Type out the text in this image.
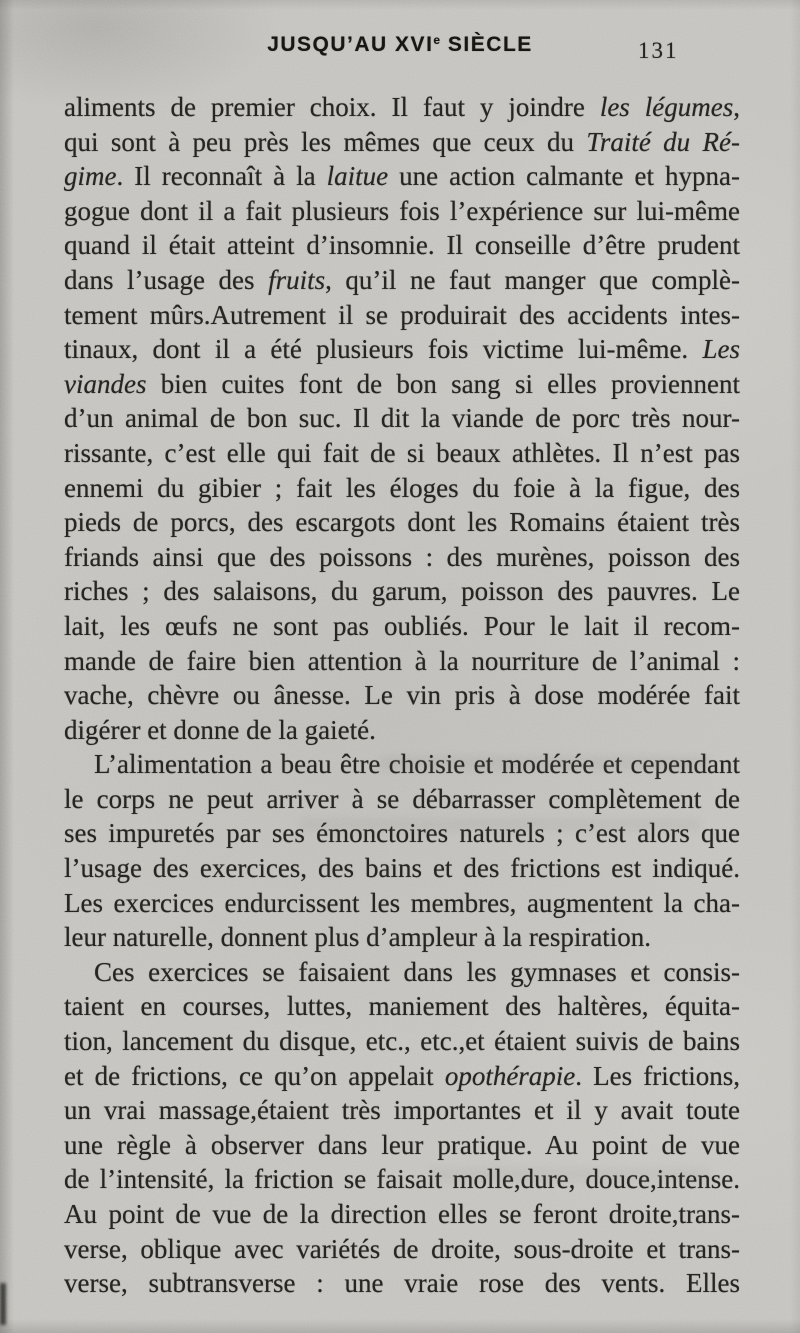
JUSQU’AU XVIe SIÈCLE	131
aliments de premier choix. Il faut y joindre les légumes,
qui sont à peu près les mêmes que ceux du Traité du Ré-
gime. Il reconnaît à la laitue une action calmante et hypna-
gogue dont il a fait plusieurs fois l’expérience sur lui-même
quand il était atteint d’insomnie. Il conseille d’être prudent
dans l’usage des fruits, qu’il ne faut manger que complè-
tement mûrs.Autrement il se produirait des accidents intes-
tinaux, dont il a été plusieurs fois victime lui-même. Les
viandes bien cuites font de bon sang si elles proviennent
d’un animal de bon suc. Il dit la viande de porc très nour-
rissante, c’est elle qui fait de si beaux athlètes. Il n’est pas
ennemi du gibier ; fait les éloges du foie à la figue, des
pieds de porcs, des escargots dont les Romains étaient très
friands ainsi que des poissons : des murènes, poisson des
riches ; des salaisons, du garum, poisson des pauvres. Le
lait, les œufs ne sont pas oubliés. Pour le lait il recom-
mande de faire bien attention à la nourriture de l’animal :
vache, chèvre ou ânesse. Le vin pris à dose modérée fait
digérer et donne de la gaieté.
L’alimentation a beau être choisie et modérée et cependant
le corps ne peut arriver à se débarrasser complètement de
ses impuretés par ses émonctoires naturels ; c’est alors que
l’usage des exercices, des bains et des frictions est indiqué.
Les exercices endurcissent les membres, augmentent la cha-
leur naturelle, donnent plus d’ampleur à la respiration.
Ces exercices se faisaient dans les gymnases et consis-
taient en courses, luttes, maniement des haltères, équita-
tion, lancement du disque, etc., etc.,et étaient suivis de bains
et de frictions, ce qu’on appelait opothérapie. Les frictions,
un vrai massage,étaient très importantes et il y avait toute
une règle à observer dans leur pratique. Au point de vue
de l’intensité, la friction se faisait molle,dure, douce,intense.
Au point de vue de la direction elles se feront droite,trans-
verse, oblique avec variétés de droite, sous-droite et trans-
verse, subtransverse : une vraie rose des vents. Elles
